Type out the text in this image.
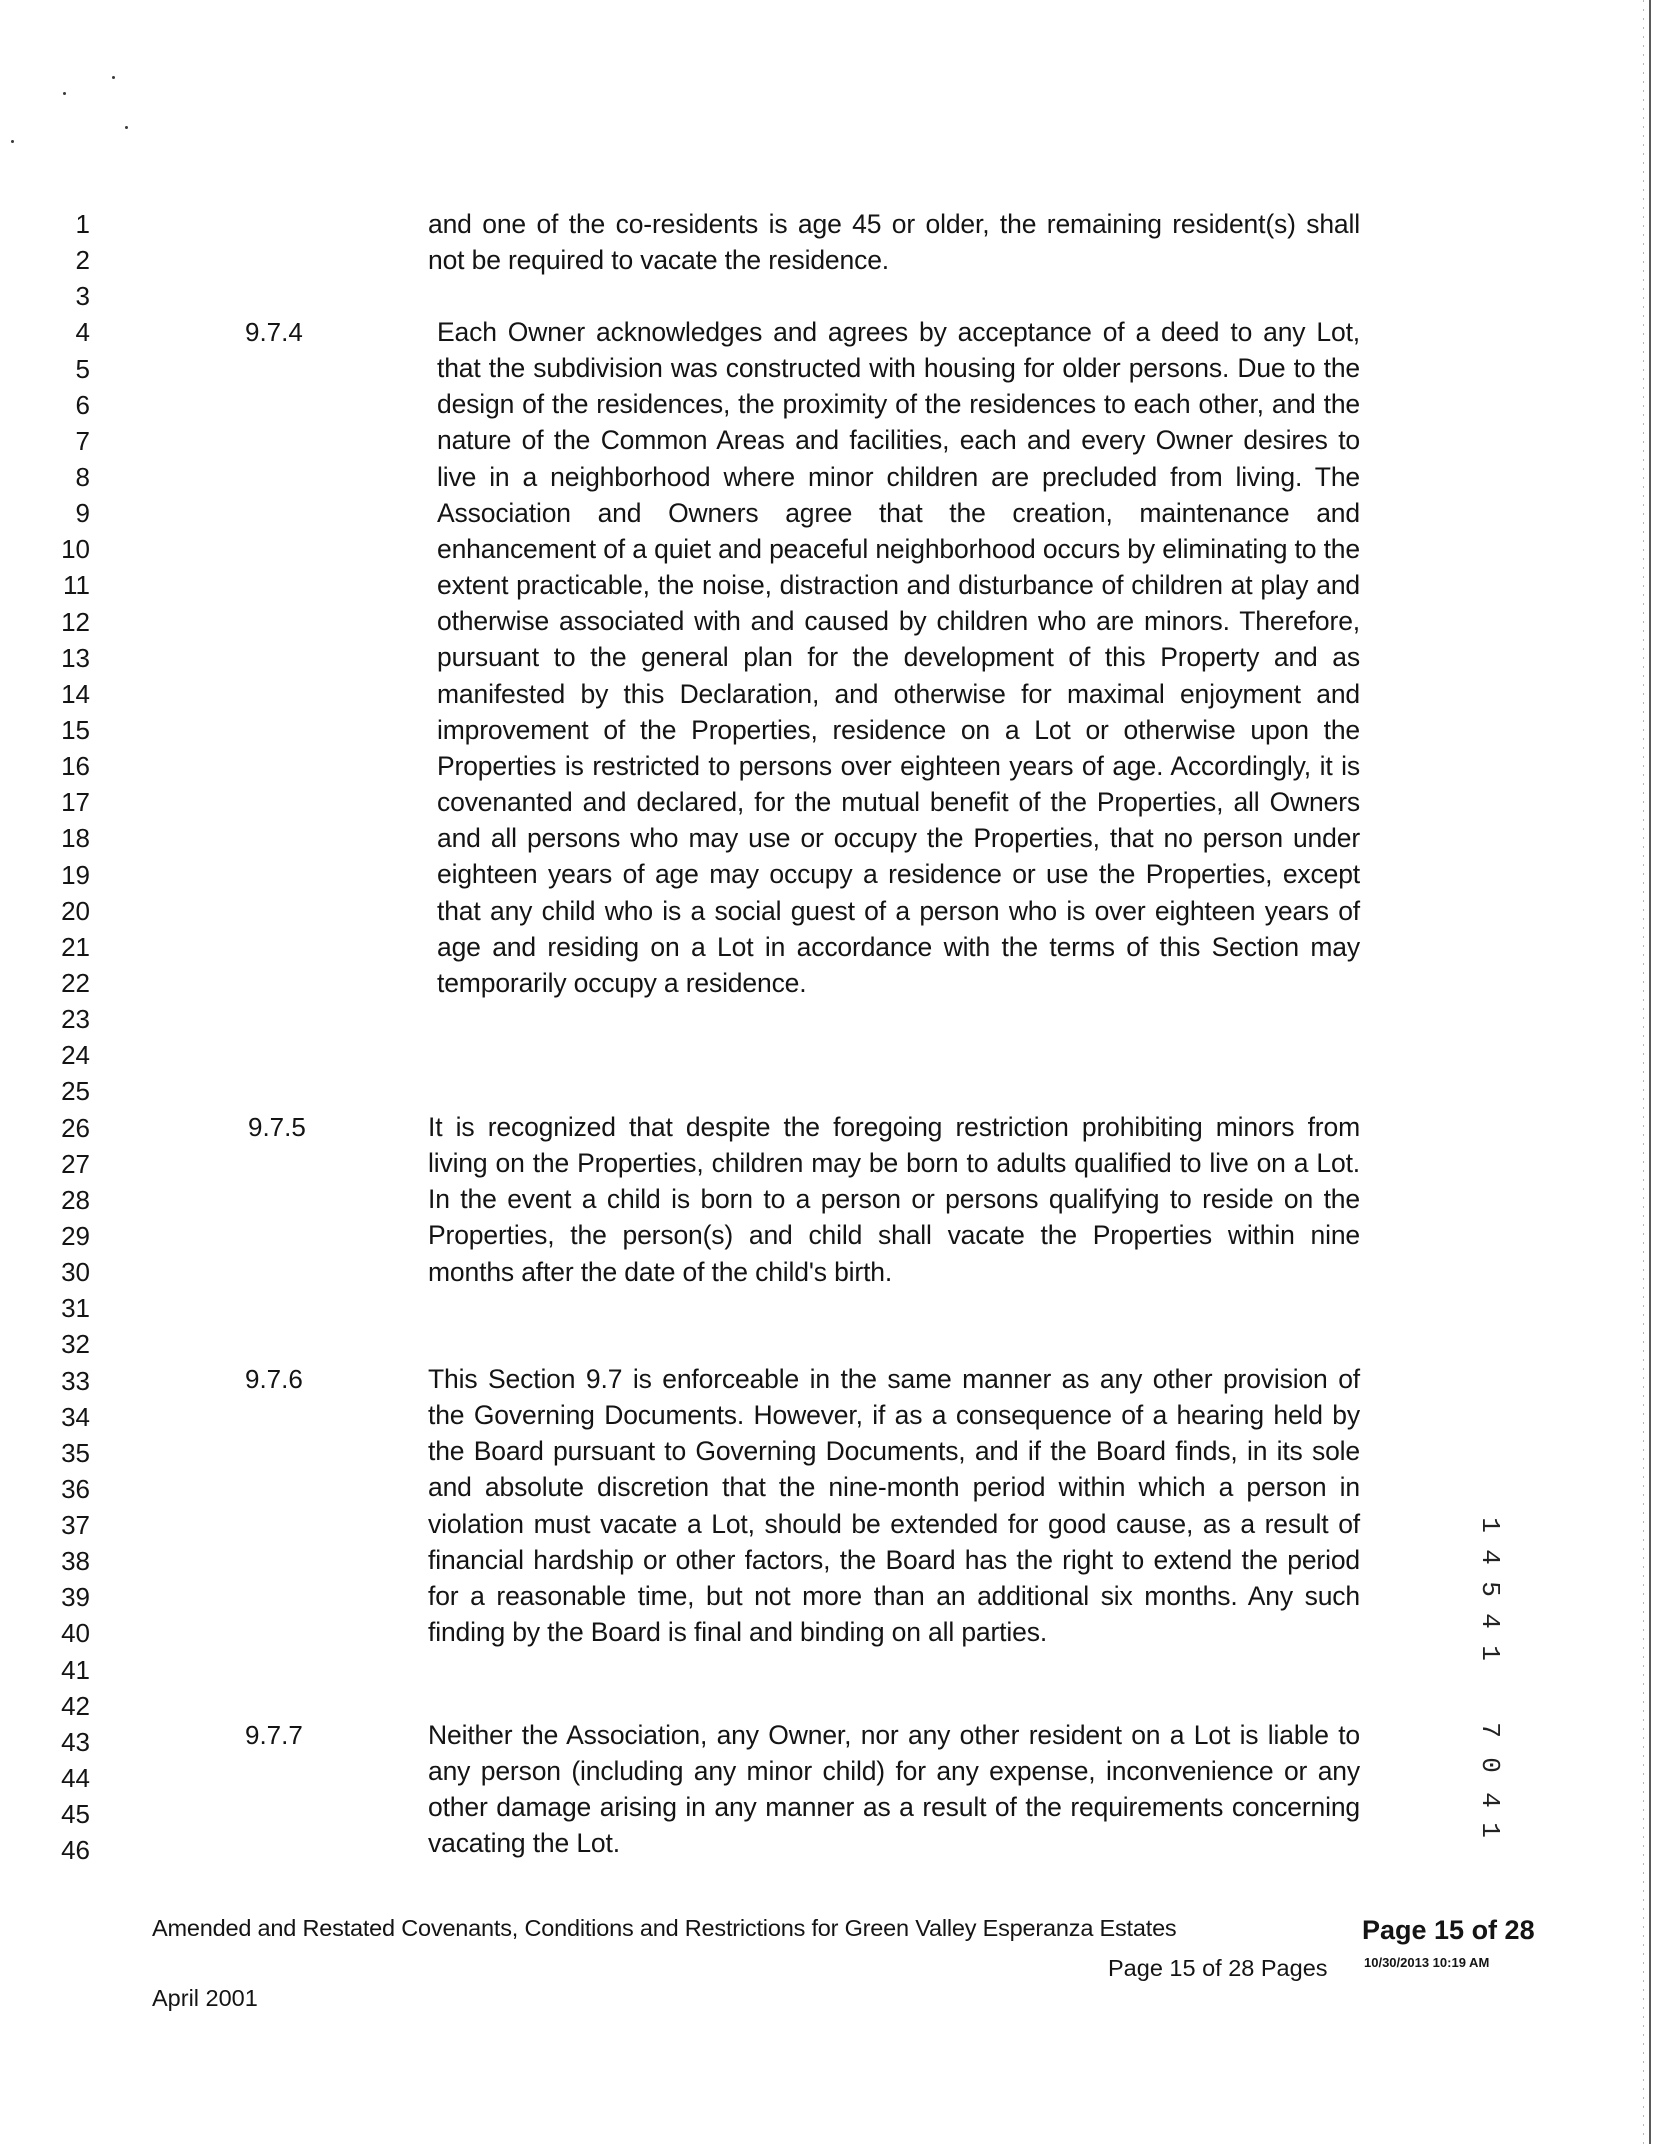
1
2
3
4
5
6
7
8
9
10
11
12
13
14
15
16
17
18
19
20
21
22
23
24
25
26
27
28
29
30
31
32
33
34
35
36
37
38
39
40
41
42
43
44
45
46

and one of the co-residents is age 45 or older, the remaining resident(s) shall not be required to vacate the residence.

9.7.4	Each Owner acknowledges and agrees by acceptance of a deed to any Lot, that the subdivision was constructed with housing for older persons. Due to the design of the residences, the proximity of the residences to each other, and the nature of the Common Areas and facilities, each and every Owner desires to live in a neighborhood where minor children are precluded from living. The Association and Owners agree that the creation, maintenance and enhancement of a quiet and peaceful neighborhood occurs by eliminating to the extent practicable, the noise, distraction and disturbance of children at play and otherwise associated with and caused by children who are minors. Therefore, pursuant to the general plan for the development of this Property and as manifested by this Declaration, and otherwise for maximal enjoyment and improvement of the Properties, residence on a Lot or otherwise upon the Properties is restricted to persons over eighteen years of age. Accordingly, it is covenanted and declared, for the mutual benefit of the Properties, all Owners and all persons who may use or occupy the Properties, that no person under eighteen years of age may occupy a residence or use the Properties, except that any child who is a social guest of a person who is over eighteen years of age and residing on a Lot in accordance with the terms of this Section may temporarily occupy a residence.

9.7.5	It is recognized that despite the foregoing restriction prohibiting minors from living on the Properties, children may be born to adults qualified to live on a Lot. In the event a child is born to a person or persons qualifying to reside on the Properties, the person(s) and child shall vacate the Properties within nine months after the date of the child's birth.

9.7.6	This Section 9.7 is enforceable in the same manner as any other provision of the Governing Documents. However, if as a consequence of a hearing held by the Board pursuant to Governing Documents, and if the Board finds, in its sole and absolute discretion that the nine-month period within which a person in violation must vacate a Lot, should be extended for good cause, as a result of financial hardship or other factors, the Board has the right to extend the period for a reasonable time, but not more than an additional six months. Any such finding by the Board is final and binding on all parties.

9.7.7	Neither the Association, any Owner, nor any other resident on a Lot is liable to any person (including any minor child) for any expense, inconvenience or any other damage arising in any manner as a result of the requirements concerning vacating the Lot.

1
4
5
4
1
7
0
4
1
Amended and Restated Covenants, Conditions and Restrictions for Green Valley Esperanza Estates	Page 15 of 28
Page 15 of 28 Pages	10/30/2013 10:19 AM
April 2001
